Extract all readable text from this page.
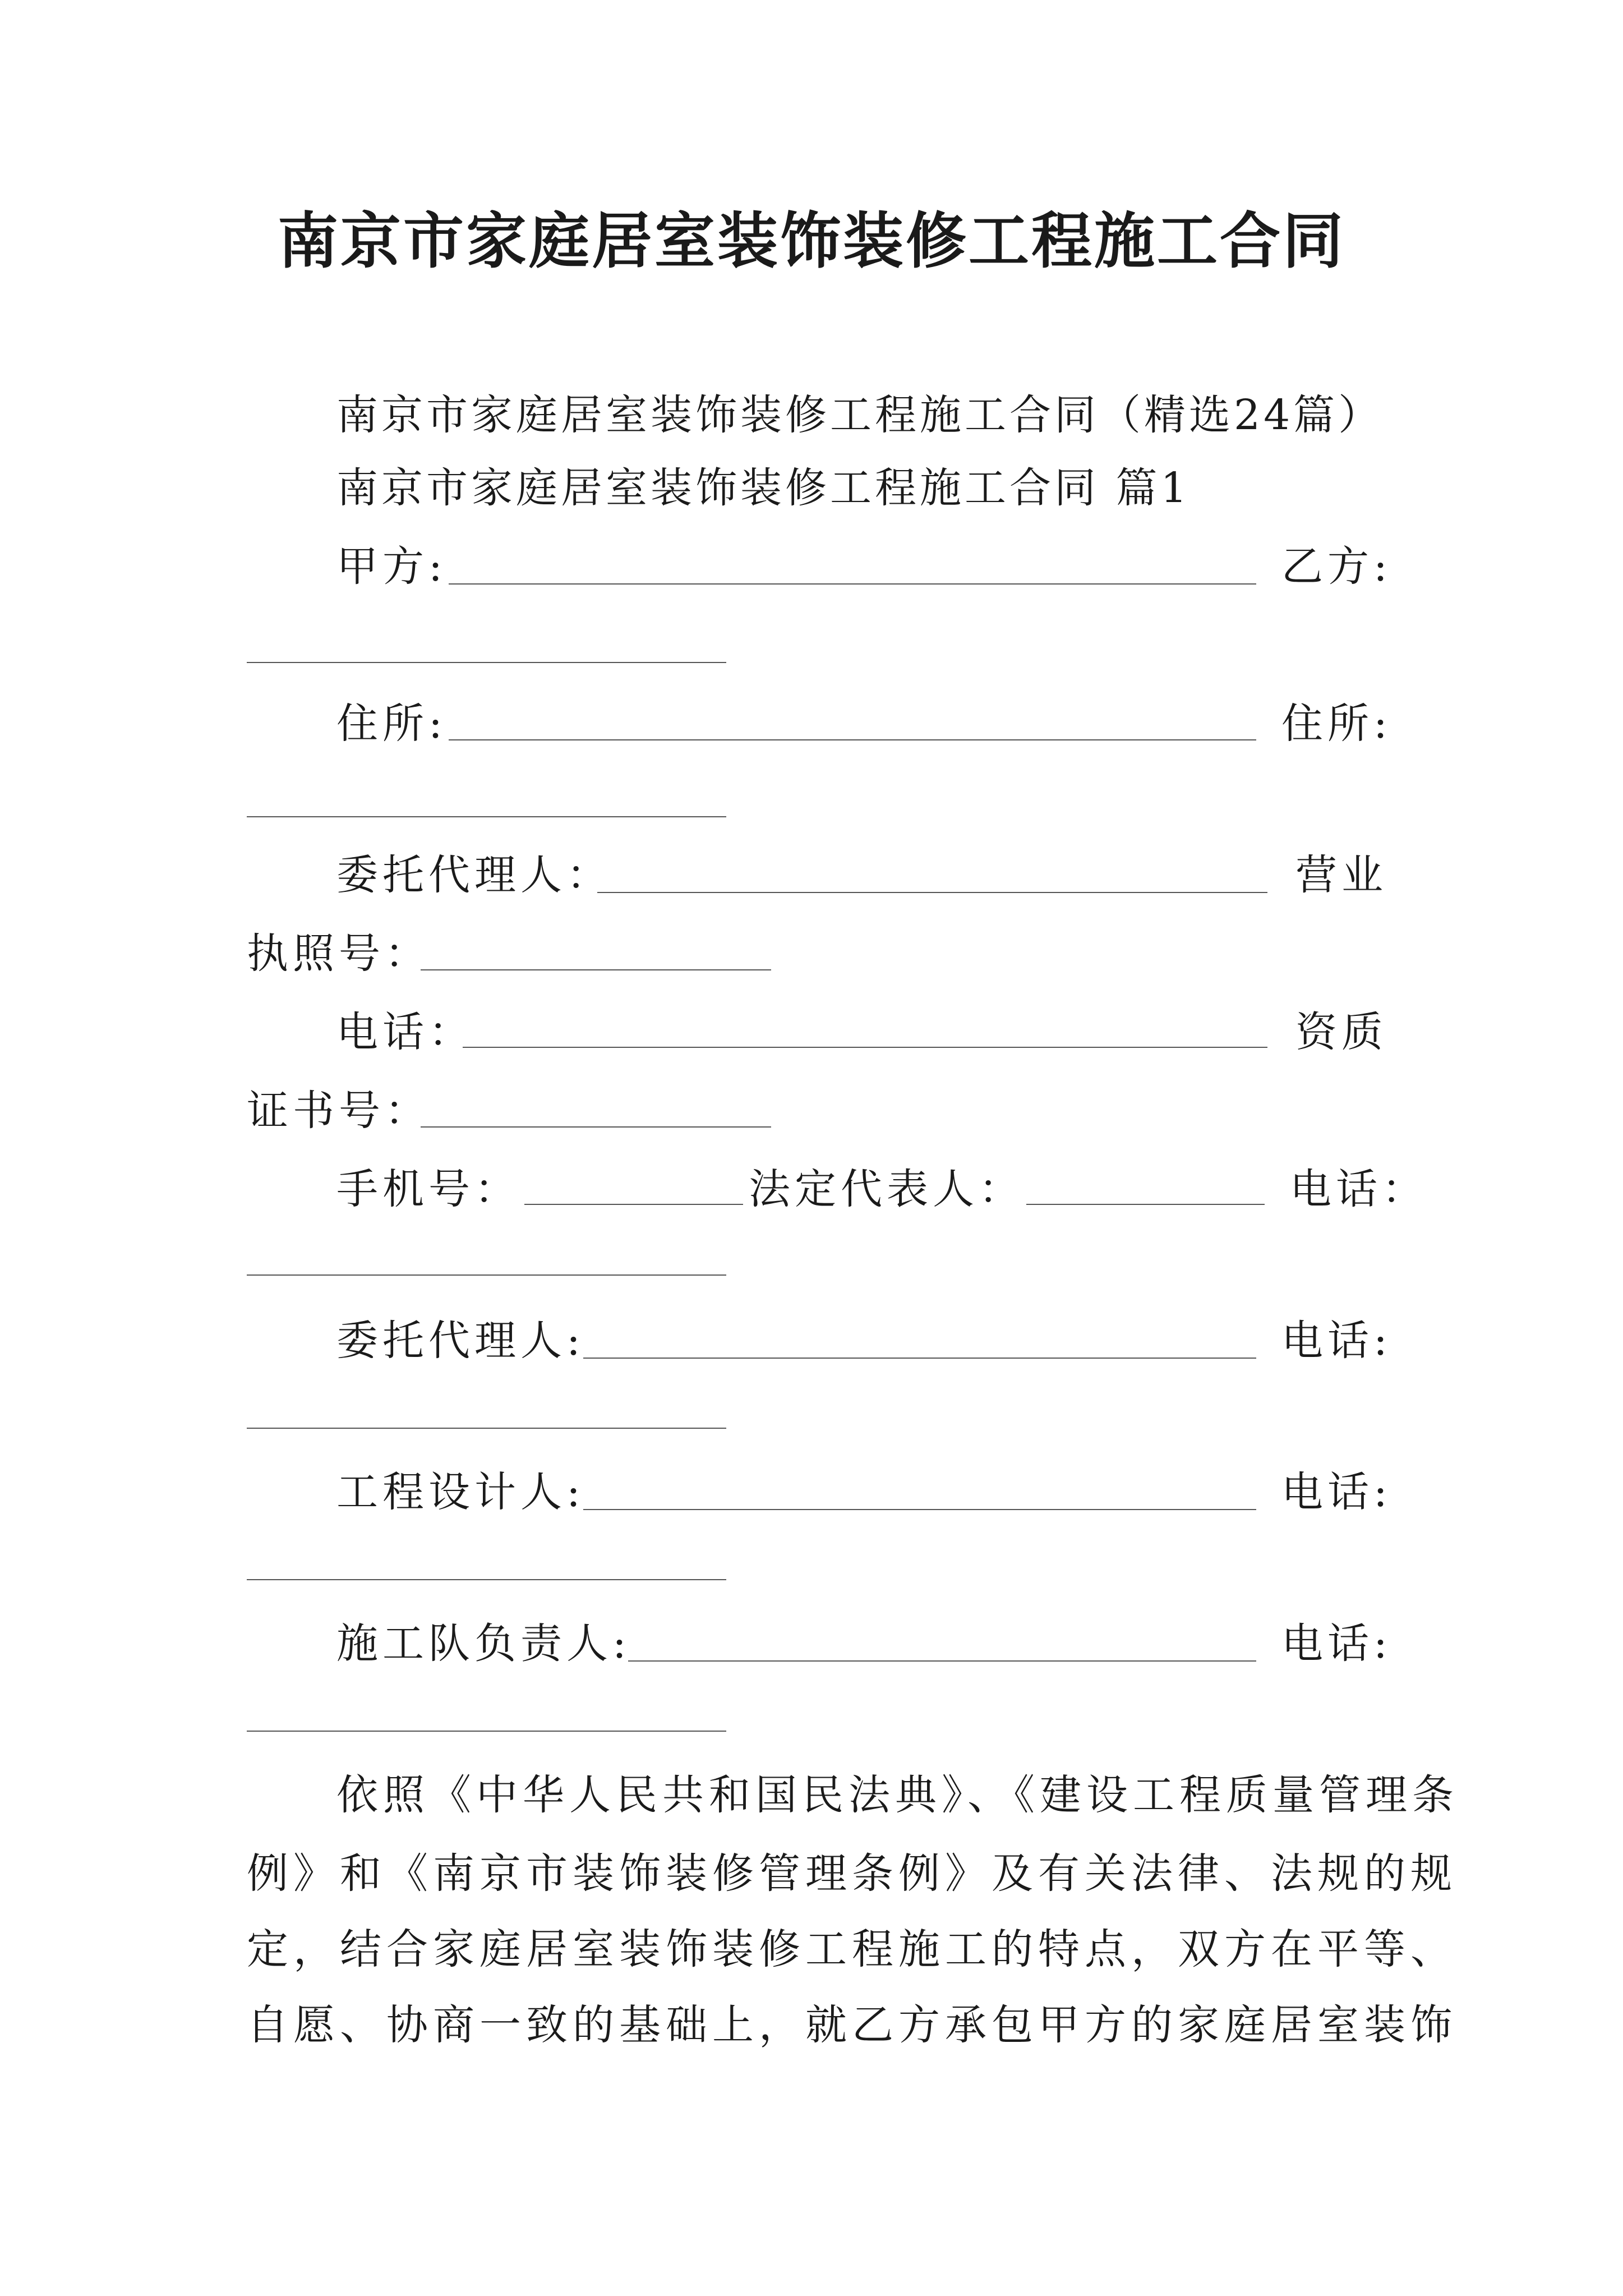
南京市家庭居室装饰装修工程施工合同
南京市家庭居室装饰装修工程施工合同（精选24篇）
南京市家庭居室装饰装修工程施工合同 篇1
甲方:	乙方:
住所:	住所:
委托代理人：	营业
执照号：
电话：	资质
证书号：
手机号：	法定代表人：	电话：
委托代理人:	电话:
工程设计人:	电话:
施工队负责人:	电话:
依照《中华人民共和国民法典》、《建设工程质量管理条
例》和《南京市装饰装修管理条例》及有关法律、法规的规
定，结合家庭居室装饰装修工程施工的特点，双方在平等、
自愿、协商一致的基础上，就乙方承包甲方的家庭居室装饰
